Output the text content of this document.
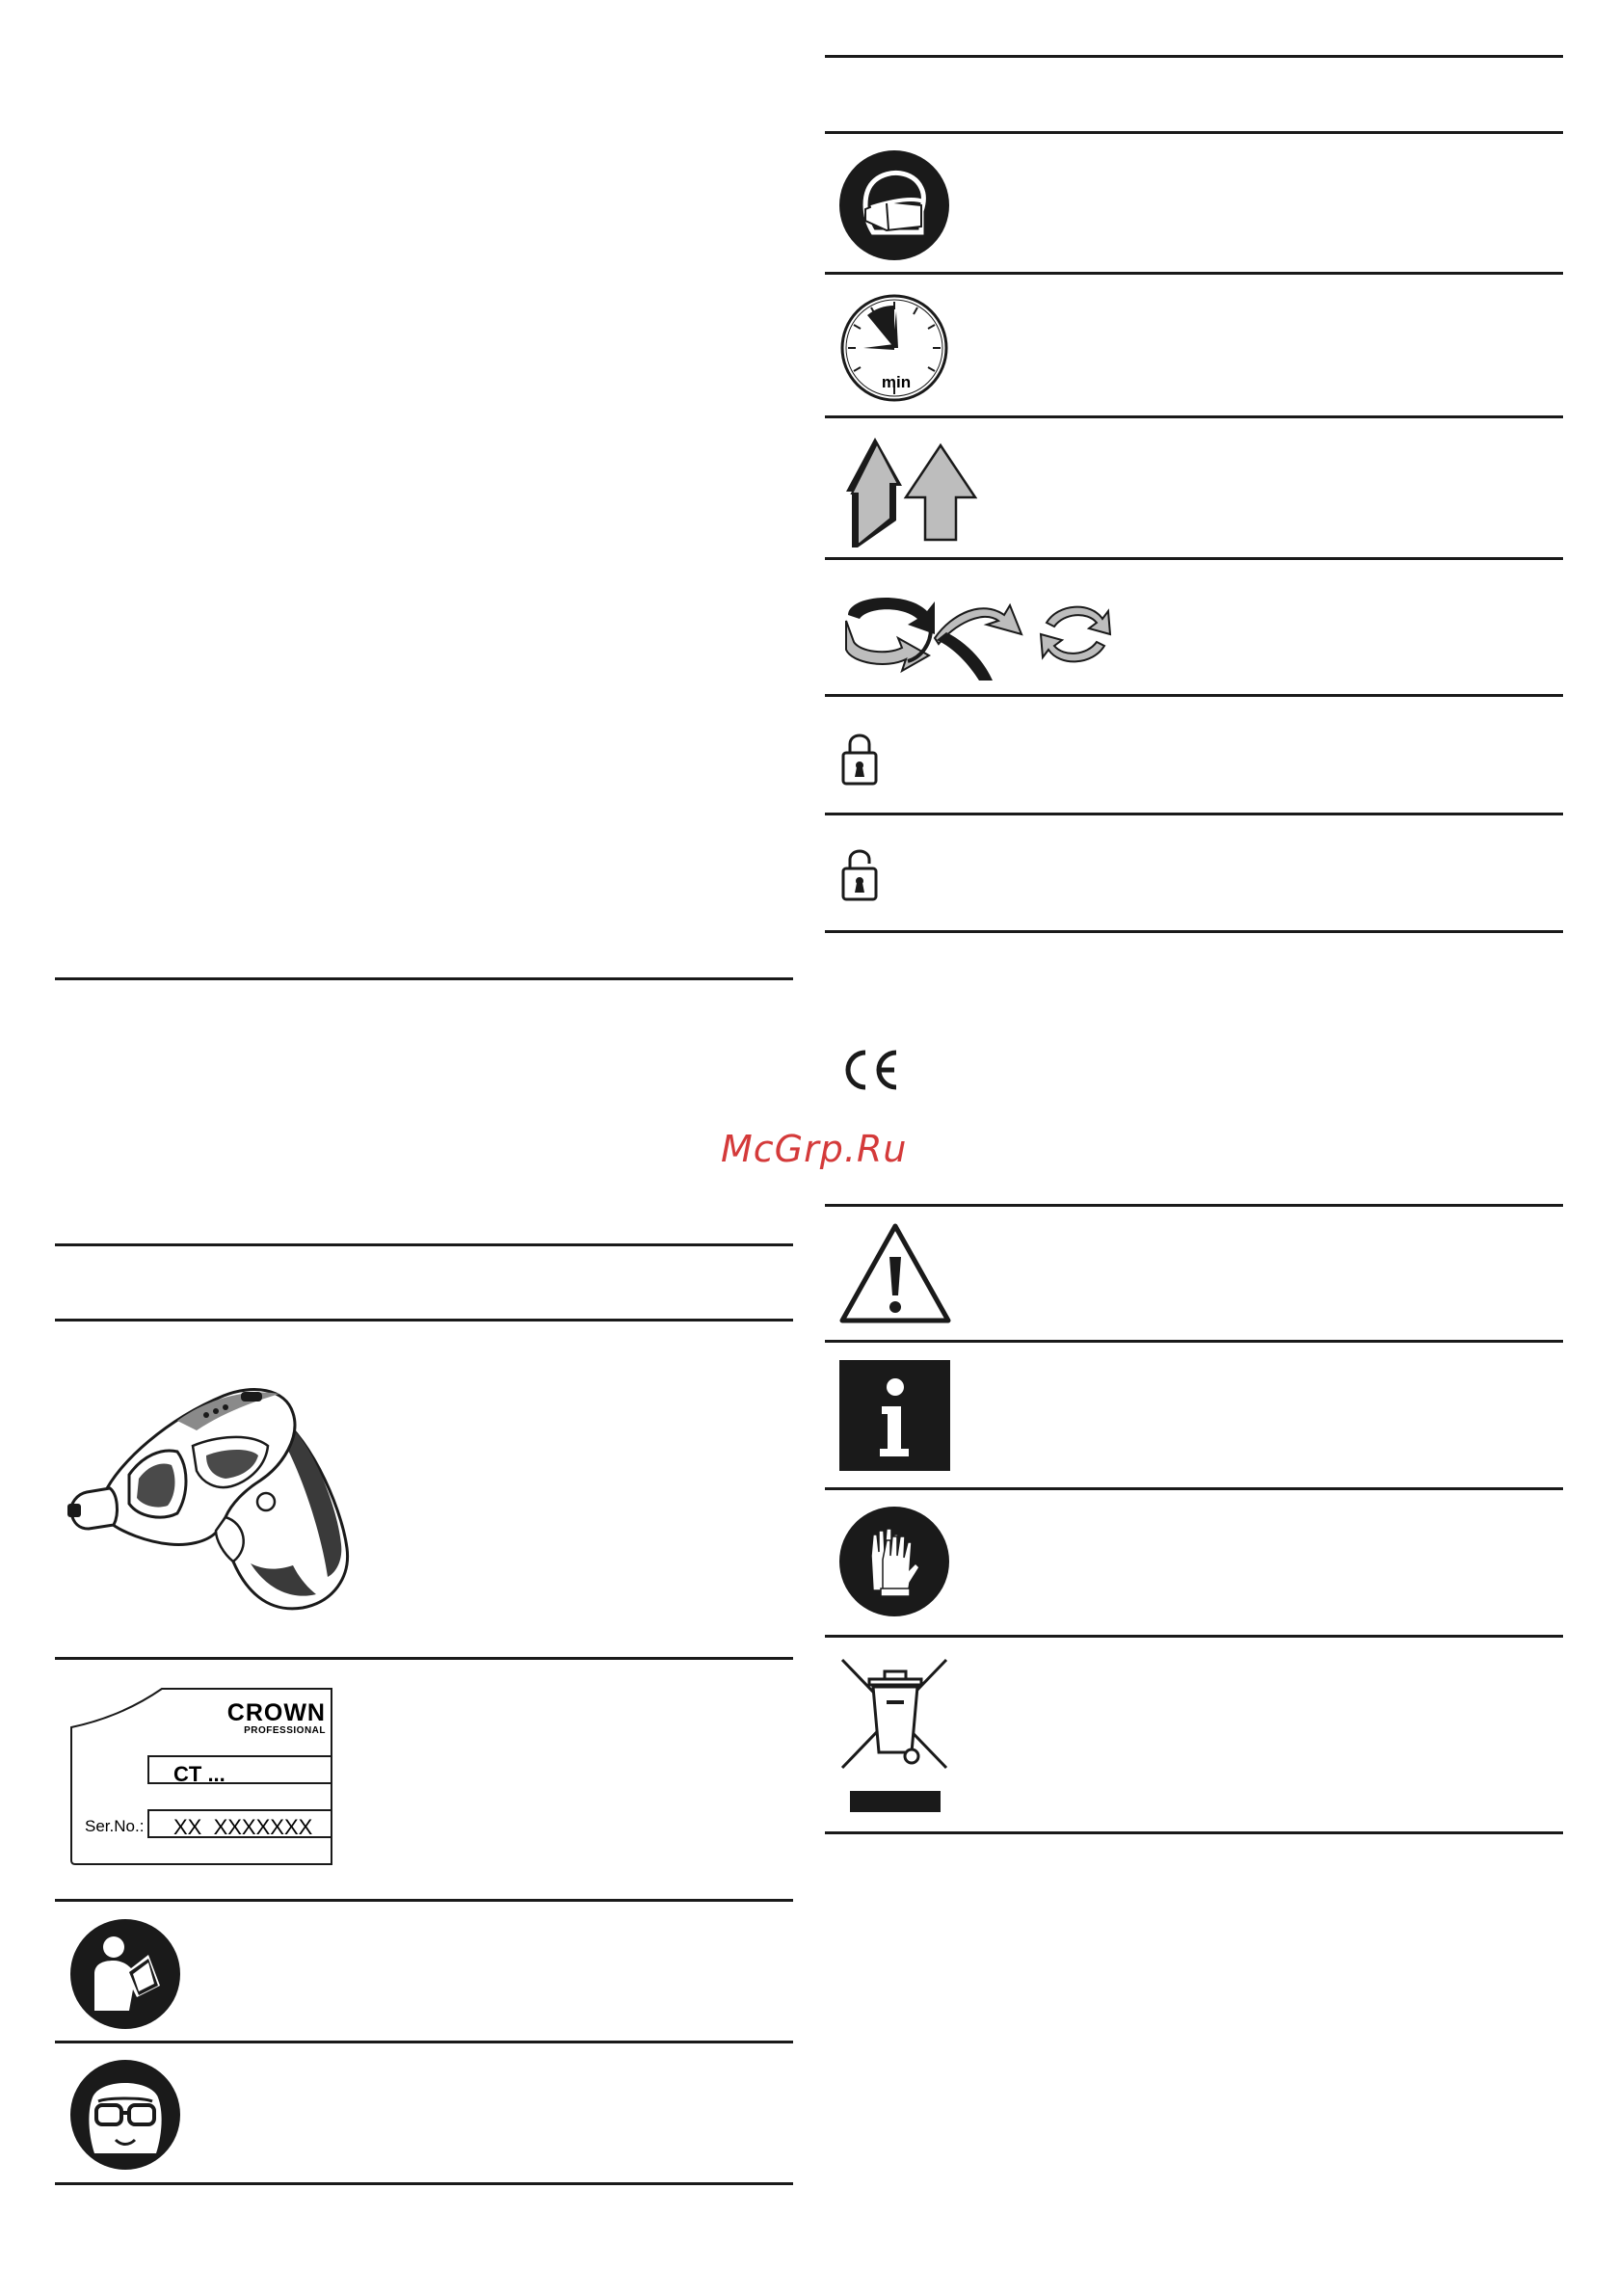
McGrp.Ru
min
CROWN
PROFESSIONAL
CT ...
Ser.No.:	XX  XXXXXXX
